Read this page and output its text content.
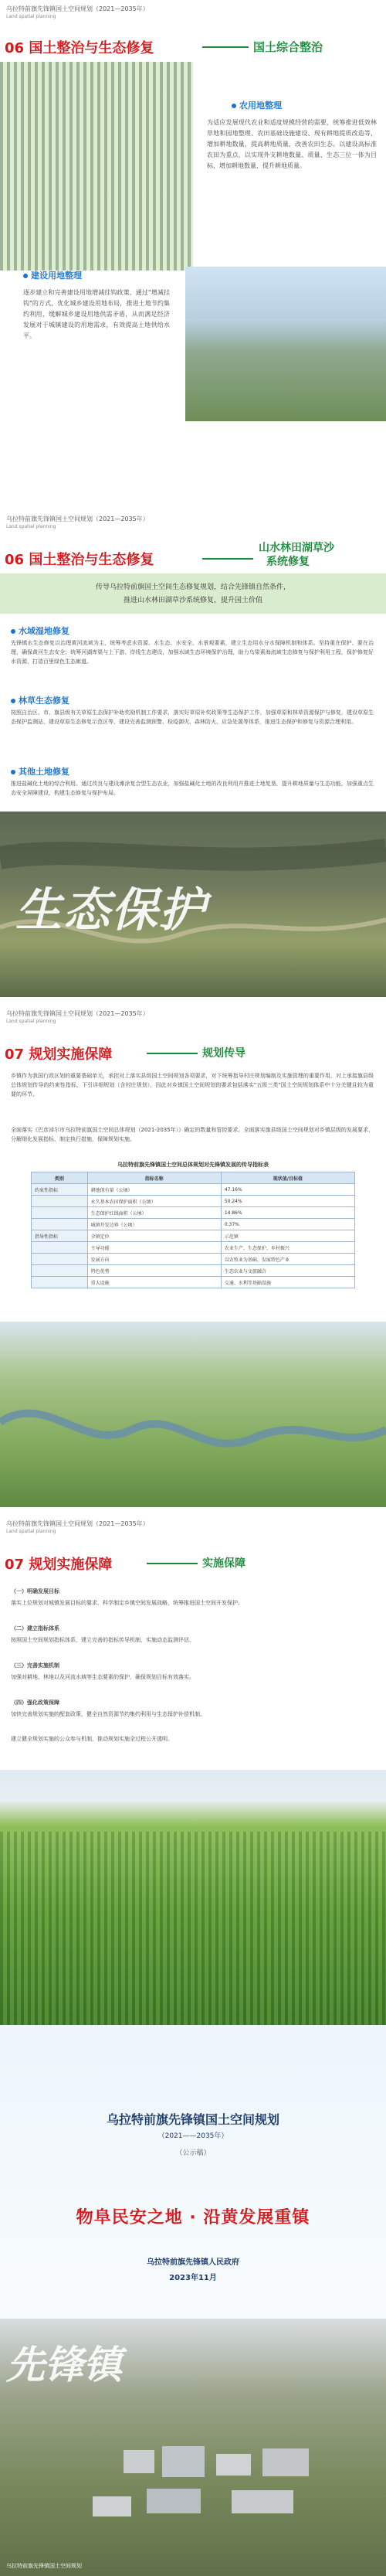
乌拉特前旗先锋镇国土空间规划（2021—2035年）
Land spatial planning
06 国土整治与生态修复	国土综合整治
农用地整理
为适应发展现代农业和适度规模经营的需要，统筹推进低效林草地和园地整理、农田基础设施建设、现有耕地提质改造等，增加耕地数量，提高耕地质量，改善农田生态。以建设高标准农田为重点，以实现外支耕地数量、质量、生态三位一体为目标，增加耕地数量，提升耕地质量。
建设用地整理
逐步建立和完善建设用地增减挂钩政策，通过"增减挂钩"的方式，优化城乡建设用地布局，推进土地节约集约利用，缓解城乡建设用地供需矛盾，从而满足经济发展对于城镇建设的用地需求，有效提高土地供给水平。
乌拉特前旗先锋镇国土空间规划（2021—2035年）
Land spatial planning
06 国土整治与生态修复
山水林田湖草沙
系统修复
传导乌拉特前旗国土空间生态修复规划，结合先锋镇自然条件，
推进山水林田湖草沙系统修复，提升国土价值
水域湿地修复
先锋镇水生态修复以治理黄河流域为主，统筹考虑水资源、水生态、水安全、水景观要素，建立生态用水分水保障机制和体系。坚持重在保护、要在治理，确保黄河生态安全；统筹河湖库渠与上下游、岸线生态建设，加强水域生态环境保护治理，助力乌梁素海流域生态修复与保护利用工程，保护修复好水资源，打造百里绿色生态廊道。
林草生态修复
按照自治区、市、旗县级有关草原生态保护补助奖励机制工作要求，落实好草原补奖政策等生态保护工作，加强草原和林草资源保护与修复，建设草原生态保护监测站、建设草原生态修复示范区等，建设完善监测预警、检疫御灾、森林防火、应急处置等体系，推进生态保护和修复与资源合理利用。
其他土地修复
推进盐碱化土地的综合利用。通过改良与建设滩涂复合型生态农业，加强盐碱化土地的改良利用并推进土地复垦，提升耕地质量与生态功能，加强重点生态安全屏障建设，构建生态修复与保护布局。
生态保护
乌拉特前旗先锋镇国土空间规划（2021—2035年）
Land spatial planning
07 规划实施保障	规划传导
乡镇作为我国行政区划的重要基础单元，承担对上落实县级国土空间规划各项要求，对下统筹指导村庄规划编制及实施管理的重要作用，对上承接旗县级总体规划传导的约束性指标，下引详细规划（含村庄规划），因此对乡镇国土空间规划的要求包括落实"五级三类"国土空间规划体系中十分关键且较为重要的环节。
全面落实《巴彦淖尔市乌拉特前旗国土空间总体规划（2021-2035年）》确定的数量和管控要求。全面落实旗县级国土空间规划对乡镇层级的发展要求，分解细化发展指标，制定执行措施，保障规划实施。
乌拉特前旗先锋镇国土空间总体规划对先锋镇发展的传导指标表
类别	指标名称	现状值/目标值
约束性指标	耕地保有量（公顷）	47.16%
	永久基本农田保护面积（公顷）	50.24%
	生态保护红线面积（公顷）	14.86%
	城镇开发边界（公顷）	0.37%
指导性指标	全镇定位	示范镇
	主导功能	农业生产、生态保护、乡村振兴
	发展方向	以农牧业为基础、发展特色产业
	特色优势	生态农业与文旅融合
	重大设施	交通、水利等基础设施
乌拉特前旗先锋镇国土空间规划（2021—2035年）
Land spatial planning
07 规划实施保障	实施保障
（一）明确发展目标
落实上位规划对城镇发展目标的要求，科学制定乡镇空间发展战略，统筹推进国土空间开发保护。
（二）建立指标体系
按照国土空间规划指标体系，建立完善的指标传导机制，实施动态监测评估。
（三）完善实施机制
加强对耕地、林地以及河流水域等生态要素的保护，确保规划目标有效落实。
（四）强化政策保障
加快完善规划实施的配套政策，健全自然资源节约集约利用与生态保护补偿机制。
建立健全规划实施的公众参与机制，推动规划实施全过程公开透明。
乌拉特前旗先锋镇国土空间规划
（2021——2035年）
（公示稿）
物阜民安之地 · 沿黄发展重镇
乌拉特前旗先锋镇人民政府
2023年11月
先锋镇
乌拉特前旗先锋镇国土空间规划
